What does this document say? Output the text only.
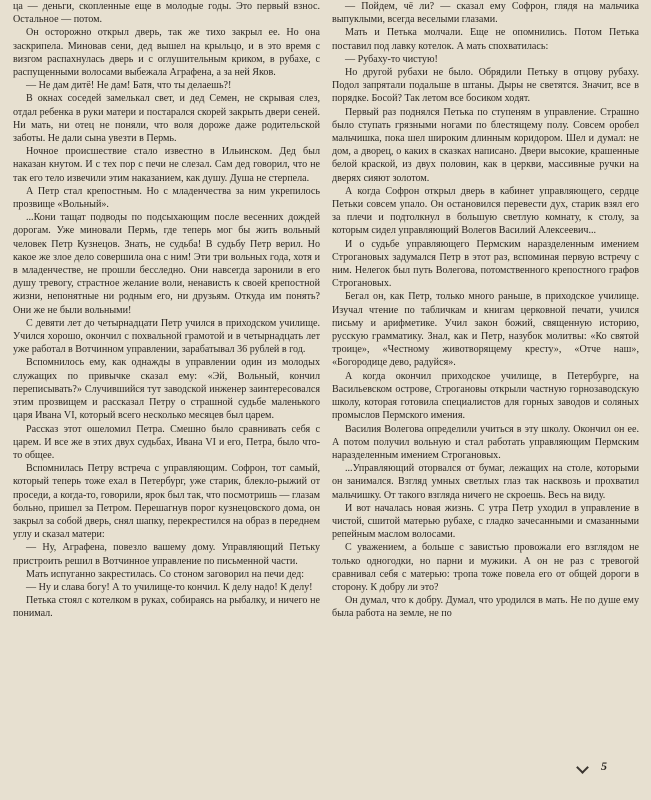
ца — деньги, скопленные еще в молодые годы. Это первый взнос. Остальное — потом.

Он осторожно открыл дверь, так же тихо закрыл ее. Но она заскрипела. Миновав сени, дед вышел на крыльцо, и в это время с визгом распахнулась дверь и с оглушительным криком, в рубахе, с распущенными волосами выбежала Аграфена, а за ней Яков.

— Не дам дитё! Не дам! Батя, что ты делаешь?!

В окнах соседей замелькал свет, и дед Семен, не скрывая слез, отдал ребенка в руки матери и постарался скорей закрыть двери сеней. Ни мать, ни отец не поняли, что воля дороже даже родительской заботы. Не дали сына увезти в Пермь.

Ночное происшествие стало известно в Ильинском. Дед был наказан кнутом. И с тех пор с печи не слезал. Сам дед говорил, что не так его тело извечили этим наказанием, как душу. Душа не стерпела.

А Петр стал крепостным. Но с младенчества за ним укрепилось прозвище «Вольный».

...Кони тащат подводы по подсыхающим после весенних дождей дорогам. Уже миновали Пермь, где теперь мог бы жить вольный человек Петр Кузнецов. Знать, не судьба! В судьбу Петр верил. Но какое же злое дело совершила она с ним! Эти три вольных года, хотя и в младенчестве, не прошли бесследно. Они навсегда заронили в его душу тревогу, страстное желание воли, ненависть к своей крепостной жизни, непонятные ни родным его, ни друзьям. Откуда им понять? Они же не были вольными!

С девяти лет до четырнадцати Петр учился в приходском училище. Учился хорошо, окончил с похвальной грамотой и в четырнадцать лет уже работал в Вотчинном управлении, зарабатывал 36 рублей в год.

Вспомнилось ему, как однажды в управлении один из молодых служащих по привычке сказал ему: «Эй, Вольный, кончил переписывать?» Случившийся тут заводской инженер заинтересовался этим прозвищем и рассказал Петру о страшной судьбе маленького царя Ивана VI, который всего несколько месяцев был царем.

Рассказ этот ошеломил Петра. Смешно было сравнивать себя с царем. И все же в этих двух судьбах, Ивана VI и его, Петра, было что-то общее.

Вспомнилась Петру встреча с управляющим. Софрон, тот самый, который теперь тоже ехал в Петербург, уже старик, блекло-рыжий от проседи, а когда-то, говорили, ярок был так, что посмотришь — глазам больно, пришел за Петром. Перешагнув порог кузнецовского дома, он закрыл за собой дверь, снял шапку, перекрестился на образ в переднем углу и сказал матери:

— Ну, Аграфена, повезло вашему дому. Управляющий Петьку пристроить решил в Вотчинное управление по письменной части.

Мать испуганно закрестилась. Со стоном заговорил на печи дед:

— Ну и слава богу! А то училище-то кончил. К делу надо! К делу!

Петька стоял с котелком в руках, собираясь на рыбалку, и ничего не понимал.

— Пойдем, чё ли? — сказал ему Софрон, глядя на мальчика выпуклыми, всегда веселыми глазами.

Мать и Петька молчали. Еще не опомнились. Потом Петька поставил под лавку котелок. А мать спохватилась:

— Рубаху-то чистую!

Но другой рубахи не было. Обрядили Петьку в отцову рубаху. Подол запрятали подальше в штаны. Дыры не светятся. Значит, все в порядке. Босой? Так летом все босиком ходят.

Первый раз поднялся Петька по ступеням в управление. Страшно было ступать грязными ногами по блестящему полу. Совсем оробел мальчишка, пока шел широким длинным коридором. Шел и думал: не дом, а дворец, о каких в сказках написано. Двери высокие, крашенные белой краской, из двух половин, как в церкви, массивные ручки на дверях сияют золотом.

А когда Софрон открыл дверь в кабинет управляющего, сердце Петьки совсем упало. Он остановился перевести дух, старик взял его за плечи и подтолкнул в большую светлую комнату, к столу, за которым сидел управляющий Волегов Василий Алексеевич...

И о судьбе управляющего Пермским наразделенным имением Строгановых задумался Петр в этот раз, вспоминая первую встречу с ним. Нелегок был путь Волегова, потомственного крепостного графов Строгановых.

Бегал он, как Петр, только много раньше, в приходское училище. Изучал чтение по табличкам и книгам церковной печати, учился письму и арифметике. Учил закон божий, священную историю, русскую грамматику. Знал, как и Петр, назубок молитвы: «Ко святой троице», «Честному животворящему кресту», «Отче наш», «Богородице дево, радуйся».

А когда окончил приходское училище, в Петербурге, на Васильевском острове, Строгановы открыли частную горнозаводскую школу, которая готовила специалистов для горных заводов и соляных промыслов Пермского имения.

Василия Волегова определили учиться в эту школу. Окончил он ее. А потом получил вольную и стал работать управляющим Пермским наразделенным имением Строгановых.

...Управляющий оторвался от бумаг, лежащих на столе, которыми он занимался. Взгляд умных светлых глаз так насквозь и прохватил мальчишку. От такого взгляда ничего не скроешь. Весь на виду.

И вот началась новая жизнь. С утра Петр уходил в управление в чистой, сшитой матерью рубахе, с гладко зачесанными и смазанными репейным маслом волосами.

С уважением, а больше с завистью провожали его взглядом не только одногодки, но парни и мужики. А он не раз с тревогой сравнивал себя с матерью: тропа тоже повела его от общей дороги в сторону. К добру ли это?

Он думал, что к добру. Думал, что уродился в мать. Не по душе ему была работа на земле, не по

5
